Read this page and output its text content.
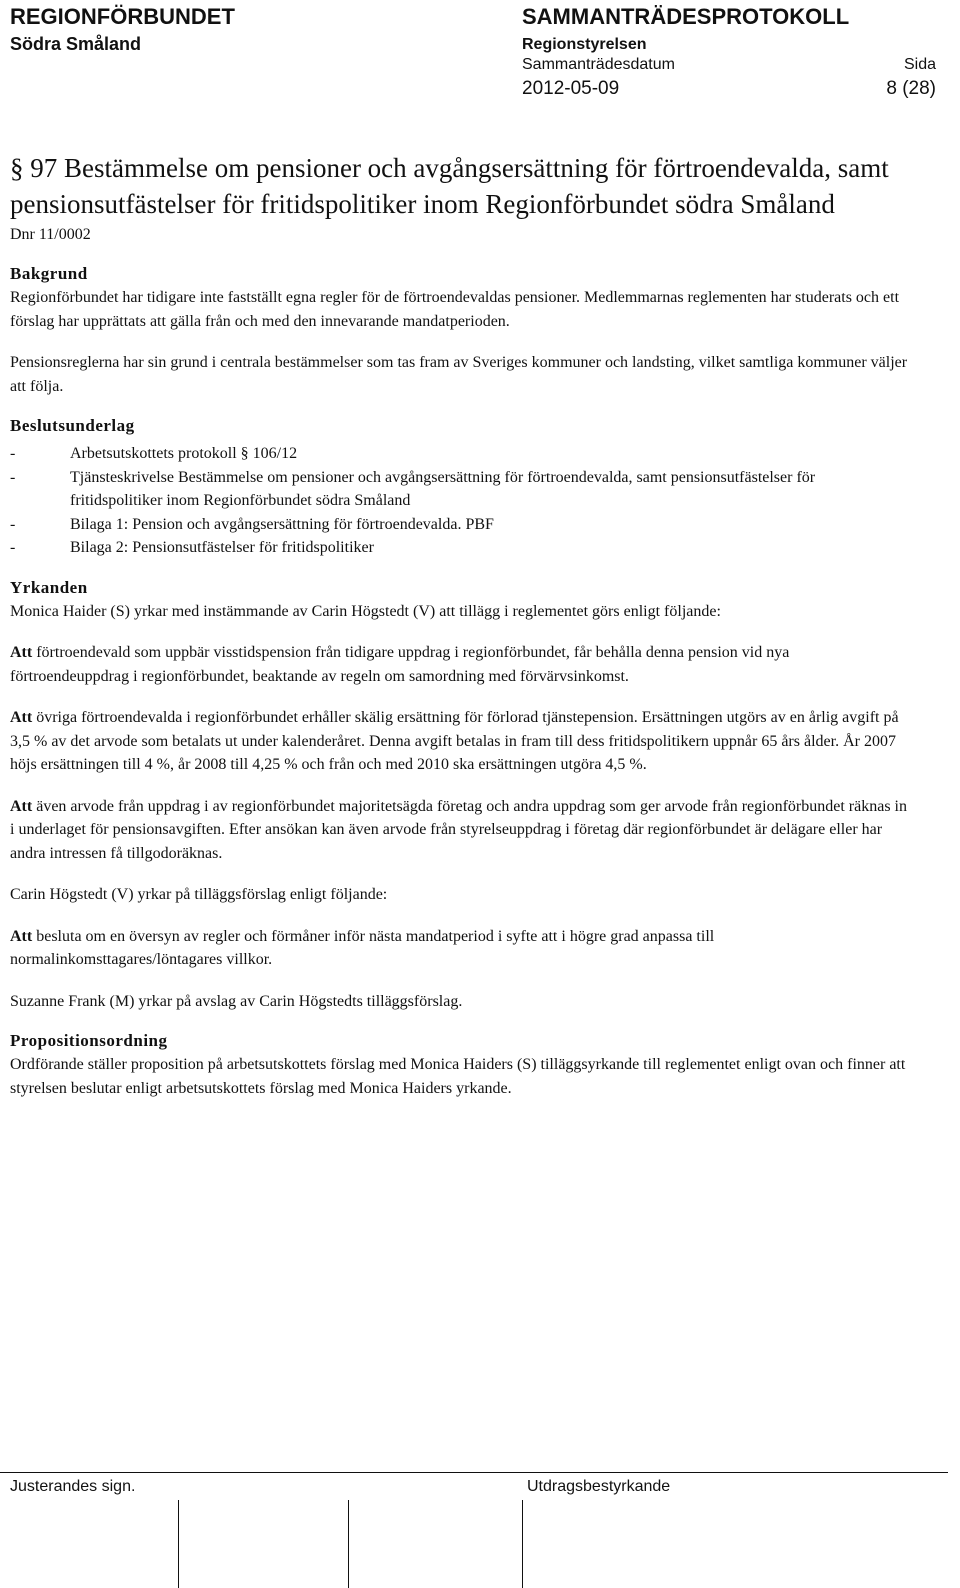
REGIONFÖRBUNDET
Södra Småland
SAMMANTRÄDESPROTOKOLL
Regionstyrelsen
Sammanträdesdatum	Sida
2012-05-09	8 (28)
§ 97 Bestämmelse om pensioner och avgångsersättning för förtroendevalda, samt pensionsutfästelser för fritidspolitiker inom Regionförbundet södra Småland
Dnr 11/0002
Bakgrund

Regionförbundet har tidigare inte fastställt egna regler för de förtroendevaldas pensioner. Medlemmarnas reglementen har studerats och ett förslag har upprättats att gälla från och med den innevarande mandatperioden.

Pensionsreglerna har sin grund i centrala bestämmelser som tas fram av Sveriges kommuner och landsting, vilket samtliga kommuner väljer att följa.

Beslutsunderlag
-	Arbetsutskottets protokoll § 106/12
-	Tjänsteskrivelse Bestämmelse om pensioner och avgångsersättning för förtroendevalda, samt pensionsutfästelser för fritidspolitiker inom Regionförbundet södra Småland
-	Bilaga 1: Pension och avgångsersättning för förtroendevalda. PBF
-	Bilaga 2: Pensionsutfästelser för fritidspolitiker
Yrkanden

Monica Haider (S) yrkar med instämmande av Carin Högstedt (V) att tillägg i reglementet görs enligt följande:

Att förtroendevald som uppbär visstidspension från tidigare uppdrag i regionförbundet, får behålla denna pension vid nya förtroendeuppdrag i regionförbundet, beaktande av regeln om samordning med förvärvsinkomst.

Att övriga förtroendevalda i regionförbundet erhåller skälig ersättning för förlorad tjänstepension. Ersättningen utgörs av en årlig avgift på 3,5 % av det arvode som betalats ut under kalenderåret. Denna avgift betalas in fram till dess fritidspolitikern uppnår 65 års ålder. År 2007 höjs ersättningen till 4 %, år 2008 till 4,25 % och från och med 2010 ska ersättningen utgöra 4,5 %.

Att även arvode från uppdrag i av regionförbundet majoritetsägda företag och andra uppdrag som ger arvode från regionförbundet räknas in i underlaget för pensionsavgiften. Efter ansökan kan även arvode från styrelseuppdrag i företag där regionförbundet är delägare eller har andra intressen få tillgodoräknas.

Carin Högstedt (V) yrkar på tilläggsförslag enligt följande:

Att besluta om en översyn av regler och förmåner inför nästa mandatperiod i syfte att i högre grad anpassa till normalinkomsttagares/löntagares villkor.

Suzanne Frank (M) yrkar på avslag av Carin Högstedts tilläggsförslag.

Propositionsordning

Ordförande ställer proposition på arbetsutskottets förslag med Monica Haiders (S) tilläggsyrkande till reglementet enligt ovan och finner att styrelsen beslutar enligt arbetsutskottets förslag med Monica Haiders yrkande.

Justerandes sign.	Utdragsbestyrkande
